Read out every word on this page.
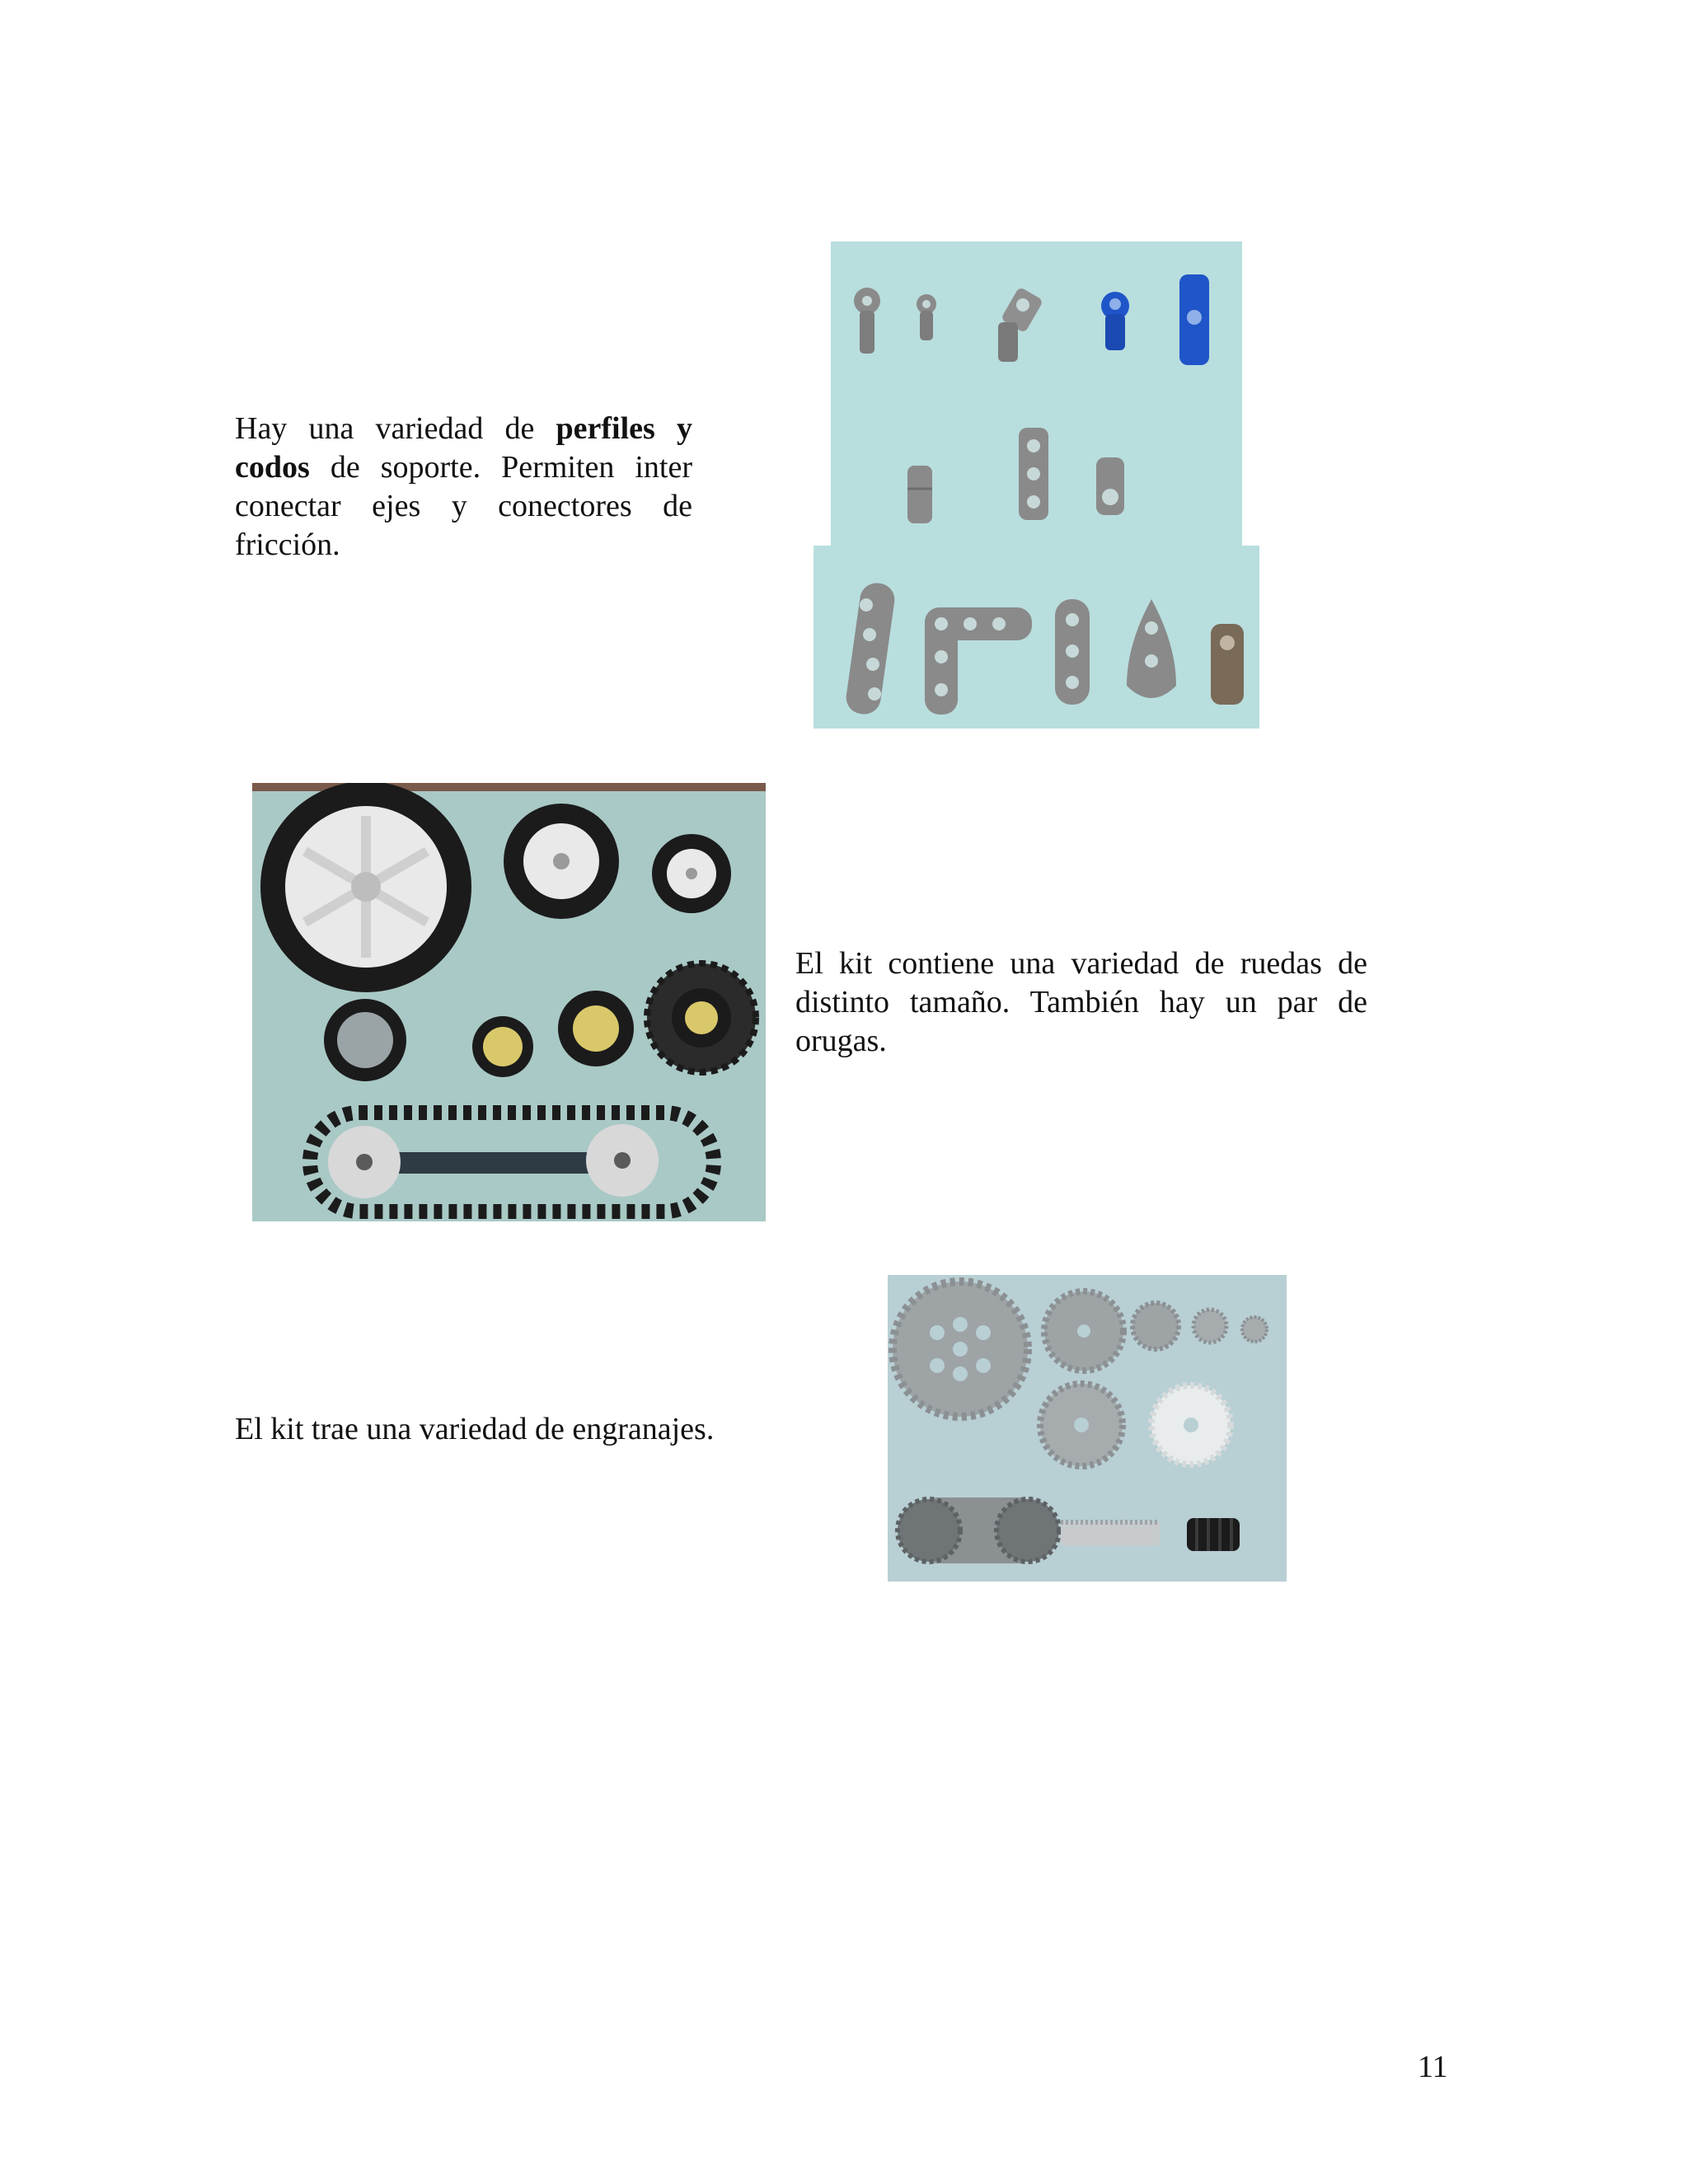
Hay una variedad de perfiles y codos de soporte. Permiten inter conectar ejes y conectores de fricción.

El kit contiene una variedad de ruedas de distinto tamaño. También hay un par de orugas.

El kit trae una variedad de engranajes.

11
